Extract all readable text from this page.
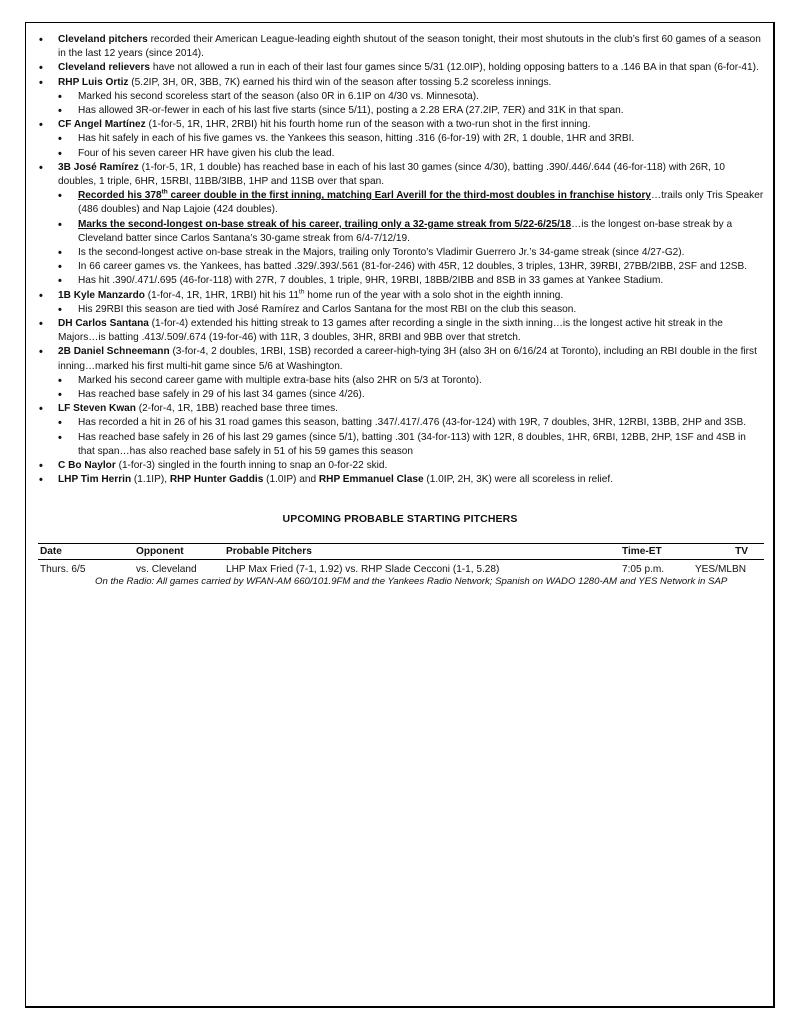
• Cleveland pitchers recorded their American League-leading eighth shutout of the season tonight, their most shutouts in the club’s first 60 games of a season in the last 12 years (since 2014).
• Cleveland relievers have not allowed a run in each of their last four games since 5/31 (12.0IP), holding opposing batters to a .146 BA in that span (6-for-41).
• RHP Luis Ortiz (5.2IP, 3H, 0R, 3BB, 7K) earned his third win of the season after tossing 5.2 scoreless innings.
• Marked his second scoreless start of the season (also 0R in 6.1IP on 4/30 vs. Minnesota).
• Has allowed 3R-or-fewer in each of his last five starts (since 5/11), posting a 2.28 ERA (27.2IP, 7ER) and 31K in that span.
• CF Angel Martínez (1-for-5, 1R, 1HR, 2RBI) hit his fourth home run of the season with a two-run shot in the first inning.
• Has hit safely in each of his five games vs. the Yankees this season, hitting .316 (6-for-19) with 2R, 1 double, 1HR and 3RBI.
• Four of his seven career HR have given his club the lead.
• 3B José Ramírez (1-for-5, 1R, 1 double) has reached base in each of his last 30 games (since 4/30), batting .390/.446/.644 (46-for-118) with 26R, 10 doubles, 1 triple, 6HR, 15RBI, 11BB/3IBB, 1HP and 11SB over that span.
• Recorded his 378th career double in the first inning, matching Earl Averill for the third-most doubles in franchise history…trails only Tris Speaker (486 doubles) and Nap Lajoie (424 doubles).
• Marks the second-longest on-base streak of his career, trailing only a 32-game streak from 5/22-6/25/18…is the longest on-base streak by a Cleveland batter since Carlos Santana’s 30-game streak from 6/4-7/12/19.
• Is the second-longest active on-base streak in the Majors, trailing only Toronto’s Vladimir Guerrero Jr.’s 34-game streak (since 4/27-G2).
• In 66 career games vs. the Yankees, has batted .329/.393/.561 (81-for-246) with 45R, 12 doubles, 3 triples, 13HR, 39RBI, 27BB/2IBB, 2SF and 12SB.
• Has hit .390/.471/.695 (46-for-118) with 27R, 7 doubles, 1 triple, 9HR, 19RBI, 18BB/2IBB and 8SB in 33 games at Yankee Stadium.
• 1B Kyle Manzardo (1-for-4, 1R, 1HR, 1RBI) hit his 11th home run of the year with a solo shot in the eighth inning.
• His 29RBI this season are tied with José Ramírez and Carlos Santana for the most RBI on the club this season.
• DH Carlos Santana (1-for-4) extended his hitting streak to 13 games after recording a single in the sixth inning…is the longest active hit streak in the Majors…is batting .413/.509/.674 (19-for-46) with 11R, 3 doubles, 3HR, 8RBI and 9BB over that stretch.
• 2B Daniel Schneemann (3-for-4, 2 doubles, 1RBI, 1SB) recorded a career-high-tying 3H (also 3H on 6/16/24 at Toronto), including an RBI double in the first inning…marked his first multi-hit game since 5/6 at Washington.
• Marked his second career game with multiple extra-base hits (also 2HR on 5/3 at Toronto).
• Has reached base safely in 29 of his last 34 games (since 4/26).
• LF Steven Kwan (2-for-4, 1R, 1BB) reached base three times.
• Has recorded a hit in 26 of his 31 road games this season, batting .347/.417/.476 (43-for-124) with 19R, 7 doubles, 3HR, 12RBI, 13BB, 2HP and 3SB.
• Has reached base safely in 26 of his last 29 games (since 5/1), batting .301 (34-for-113) with 12R, 8 doubles, 1HR, 6RBI, 12BB, 2HP, 1SF and 4SB in that span…has also reached base safely in 51 of his 59 games this season
• C Bo Naylor (1-for-3) singled in the fourth inning to snap an 0-for-22 skid.
• LHP Tim Herrin (1.1IP), RHP Hunter Gaddis (1.0IP) and RHP Emmanuel Clase (1.0IP, 2H, 3K) were all scoreless in relief.
UPCOMING PROBABLE STARTING PITCHERS
Date	Opponent	Probable Pitchers	Time-ET	TV
Thurs. 6/5	vs. Cleveland	LHP Max Fried (7-1, 1.92) vs. RHP Slade Cecconi (1-1, 5.28)	7:05 p.m.	YES/MLBN
On the Radio: All games carried by WFAN-AM 660/101.9FM and the Yankees Radio Network; Spanish on WADO 1280-AM and YES Network in SAP
